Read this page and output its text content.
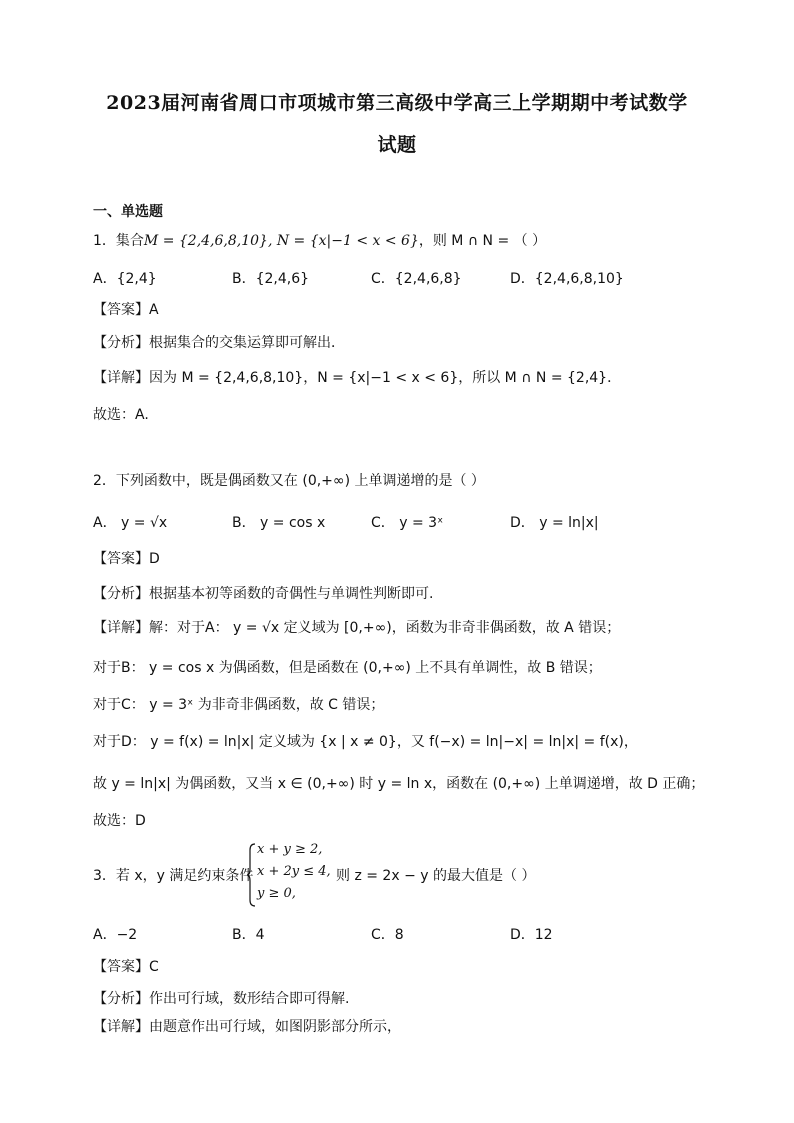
2023届河南省周口市项城市第三高级中学高三上学期期中考试数学
试题
一、单选题
1．集合M = {2,4,6,8,10}, N = {x|−1 < x < 6}，则 M ∩ N = （ ）
A．{2,4}	B．{2,4,6}	C．{2,4,6,8}	D．{2,4,6,8,10}
【答案】A
【分析】根据集合的交集运算即可解出．
【详解】因为 M = {2,4,6,8,10}，N = {x|−1 < x < 6}，所以 M ∩ N = {2,4}．
故选：A.
2．下列函数中，既是偶函数又在 (0,+∞) 上单调递增的是（ ）
A． y = √x	B． y = cos x	C． y = 3ˣ	D． y = ln|x|
【答案】D
【分析】根据基本初等函数的奇偶性与单调性判断即可.
【详解】解：对于A： y = √x 定义域为 [0,+∞)，函数为非奇非偶函数，故 A 错误；
对于B： y = cos x 为偶函数，但是函数在 (0,+∞) 上不具有单调性，故 B 错误；
对于C： y = 3ˣ 为非奇非偶函数，故 C 错误；
对于D： y = f(x) = ln|x| 定义域为 {x | x ≠ 0}，又 f(−x) = ln|−x| = ln|x| = f(x)，
故 y = ln|x| 为偶函数，又当 x ∈ (0,+∞) 时 y = ln x，函数在 (0,+∞) 上单调递增，故 D 正确；
故选：D
3．若 x，y 满足约束条件
x + y ≥ 2,
x + 2y ≤ 4,
y ≥ 0,
则 z = 2x − y 的最大值是（ ）
A．−2	B．4	C．8	D．12
【答案】C
【分析】作出可行域，数形结合即可得解.
【详解】由题意作出可行域，如图阴影部分所示，
